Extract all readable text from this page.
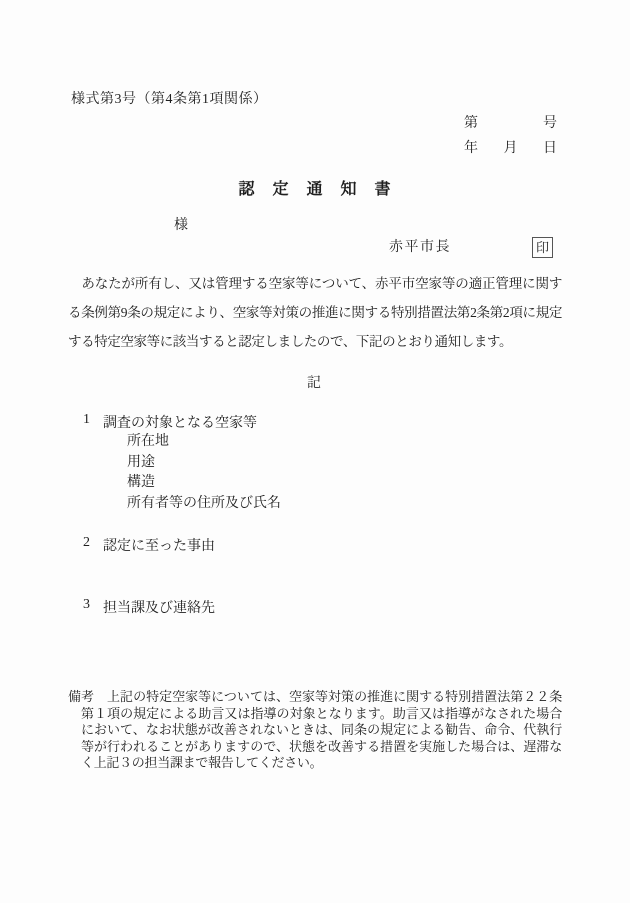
様式第3号（第4条第1項関係）
第	号
年 月 日
認　定　通　知　書
様
赤平市長	印

　あなたが所有し、又は管理する空家等について、赤平市空家等の適正管理に関する条例第9条の規定により、空家等対策の推進に関する特別措置法第2条第2項に規定する特定空家等に該当すると認定しましたので、下記のとおり通知します。

記
1 調査の対象となる空家等
所在地
用途
構造
所有者等の住所及び氏名
2 認定に至った事由
3 担当課及び連絡先
備考　上記の特定空家等については、空家等対策の推進に関する特別措置法第２２条第１項の規定による助言又は指導の対象となります。助言又は指導がなされた場合において、なお状態が改善されないときは、同条の規定による勧告、命令、代執行等が行われることがありますので、状態を改善する措置を実施した場合は、遅滞なく上記３の担当課まで報告してください。
